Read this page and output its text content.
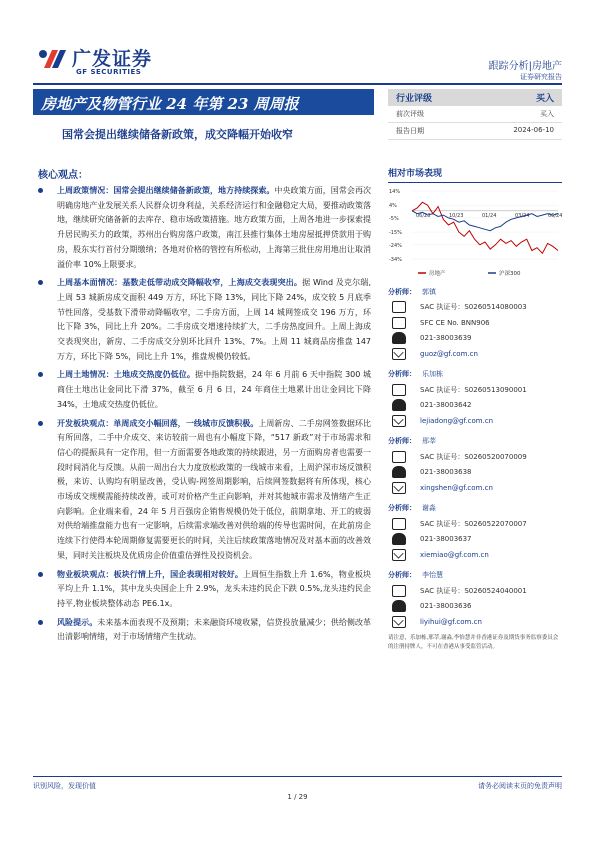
广发证券
GF SECURITIES	跟踪分析|房地产
证券研究报告
房地产及物管行业 24 年第 23 周周报
国常会提出继续储备新政策，成交降幅开始收窄
行业评级	买入
前次评级	买入
报告日期	2024-06-10
核心观点：
上周政策情况：国常会提出继续储备新政策，地方持续探索。中央政策方面，国常会再次明确房地产业发展关系人民群众切身利益，关系经济运行和金融稳定大局，要推动政策落地，继续研究储备新的去库存、稳市场政策措施。地方政策方面，上周各地进一步探索提升居民购买力的政策，苏州出台购房落户政策，南江县推行集体土地房屋抵押贷款用于购房，股东实行首付分期缴纳；各地对价格的管控有所松动，上海第三批住房用地出让取消溢价率 10%上限要求。
上周基本面情况：基数走低带动成交降幅收窄，上海成交表现突出。据 Wind 及克尔瑞,上周 53 城新房成交面积 449 万方，环比下降 13%，同比下降 24%，成交较 5 月底季节性回落，受基数下滑带动降幅收窄，二手房方面，上周 14 城网签成交 196 万方，环比下降 3%，同比上升 20%。二手房成交增速持续扩大，二手房热度回升。上周上海成交表现突出，新房、二手房成交分别环比回升 13%、7%。上周 11 城商品房推盘 147 万方，环比下降 5%，同比上升 1%，推盘规模仍较低。
上周土地情况：土地成交热度仍低位。据中指院数据，24 年 6 月前 6 天中指院 300 城商住土地出让金同比下滑 37%，截至 6 月 6 日，24 年商住土地累计出让金同比下降 34%，土地成交热度仍低位。
开发板块观点：单周成交小幅回落，一线城市反馈积极。上周新房、二手房网签数据环比有所回落，二手中介成交、来访较前一周也有小幅度下降，“517 新政”对于市场需求和信心的提振具有一定作用，但一方面需要各地政策的持续跟进，另一方面购房者也需要一段时间消化与反馈。从前一周出台大力度放松政策的一线城市来看，上周沪深市场反馈积极，来访、认购均有明显改善，受认购-网签周期影响，后续网签数据将有所体现，核心市场成交规模需能持续改善，或可对价格产生正向影响，并对其他城市需求及情绪产生正向影响。企业端来看，24 年 5 月百强房企销售规模仍处于低位，前期拿地、开工的疲弱对供给端推盘能力也有一定影响，后续需求端改善对供给端的传导也需时间，在此前房企连续下行使得本轮周期修复需要更长的时间，关注后续政策落地情况及对基本面的改善效果，同时关注板块及优质房企价值重估弹性及投资机会。
物业板块观点：板块行情上升，国企表现相对较好。上周恒生指数上升 1.6%，物业板块平均上升 1.1%，其中龙头央国企上升 2.9%，龙头未违约民企下跌 0.5%,龙头违约民企持平,物业板块整体动态 PE6.1x。
风险提示。未来基本面表现不及预期；未来融资环境收紧，信贷投放量减少；供给侧改革出清影响情绪，对于市场情绪产生扰动。
相对市场表现
14%
4%
-5%
-15%
-24%
-34%
06/23	10/23	01/24	03/24	06/24
房地产	沪深300
分析师： 郭镇
SAC 执证号：S0260514080003
SFC CE No. BNN906
021-38003639
guoz@gf.com.cn
分析师： 乐加栋
SAC 执证号：S0260513090001
021-38003642
lejiadong@gf.com.cn
分析师： 邢莘
SAC 执证号：S0260520070009
021-38003638
xingshen@gf.com.cn
分析师： 谢淼
SAC 执证号：S0260522070007
021-38003637
xiemiao@gf.com.cn
分析师： 李怡慧
SAC 执证号：S0260524040001
021-38003636
liyihui@gf.com.cn
请注意，乐加栋,邢莘,谢淼,李怡慧并非香港证券及期货事务监察委员会的注册持牌人，不可在香港从事受监管活动。
识别风险，发现价值	请务必阅读末页的免责声明
1 / 29
